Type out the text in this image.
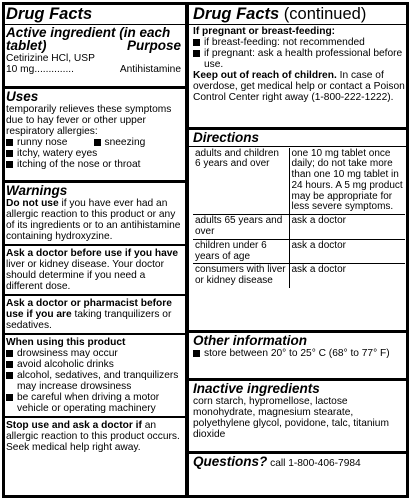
Drug Facts
Active ingredient (in each tablet)	Purpose
Cetirizine HCl, USP
10 mg..............	Antihistamine
Uses
temporarily relieves these symptoms due to hay fever or other upper respiratory allergies:
runny nose	sneezing
itchy, watery eyes
itching of the nose or throat
Warnings
Do not use if you have ever had an allergic reaction to this product or any of its ingredients or to an antihistamine containing hydroxyzine.
Ask a doctor before use if you have liver or kidney disease. Your doctor should determine if you need a different dose.
Ask a doctor or pharmacist before use if you are taking tranquilizers or sedatives.
When using this product
drowsiness may occur
avoid alcoholic drinks
alcohol, sedatives, and tranquilizers may increase drowsiness
be careful when driving a motor vehicle or operating machinery
Stop use and ask a doctor if an allergic reaction to this product occurs. Seek medical help right away.
Drug Facts (continued)
If pregnant or breast-feeding:
if breast-feeding: not recommended
if pregnant: ask a health professional before use.
Keep out of reach of children. In case of overdose, get medical help or contact a Poison Control Center right away (1-800-222-1222).
Directions
adults and children 6 years and over	one 10 mg tablet once daily; do not take more than one 10 mg tablet in 24 hours. A 5 mg product may be appropriate for less severe symptoms.
adults 65 years and over	ask a doctor
children under 6 years of age	ask a doctor
consumers with liver or kidney disease	ask a doctor
Other information
store between 20° to 25° C (68° to 77° F)
Inactive ingredients
corn starch, hypromellose, lactose monohydrate, magnesium stearate, polyethylene glycol, povidone, talc, titanium dioxide
Questions? call 1-800-406-7984
